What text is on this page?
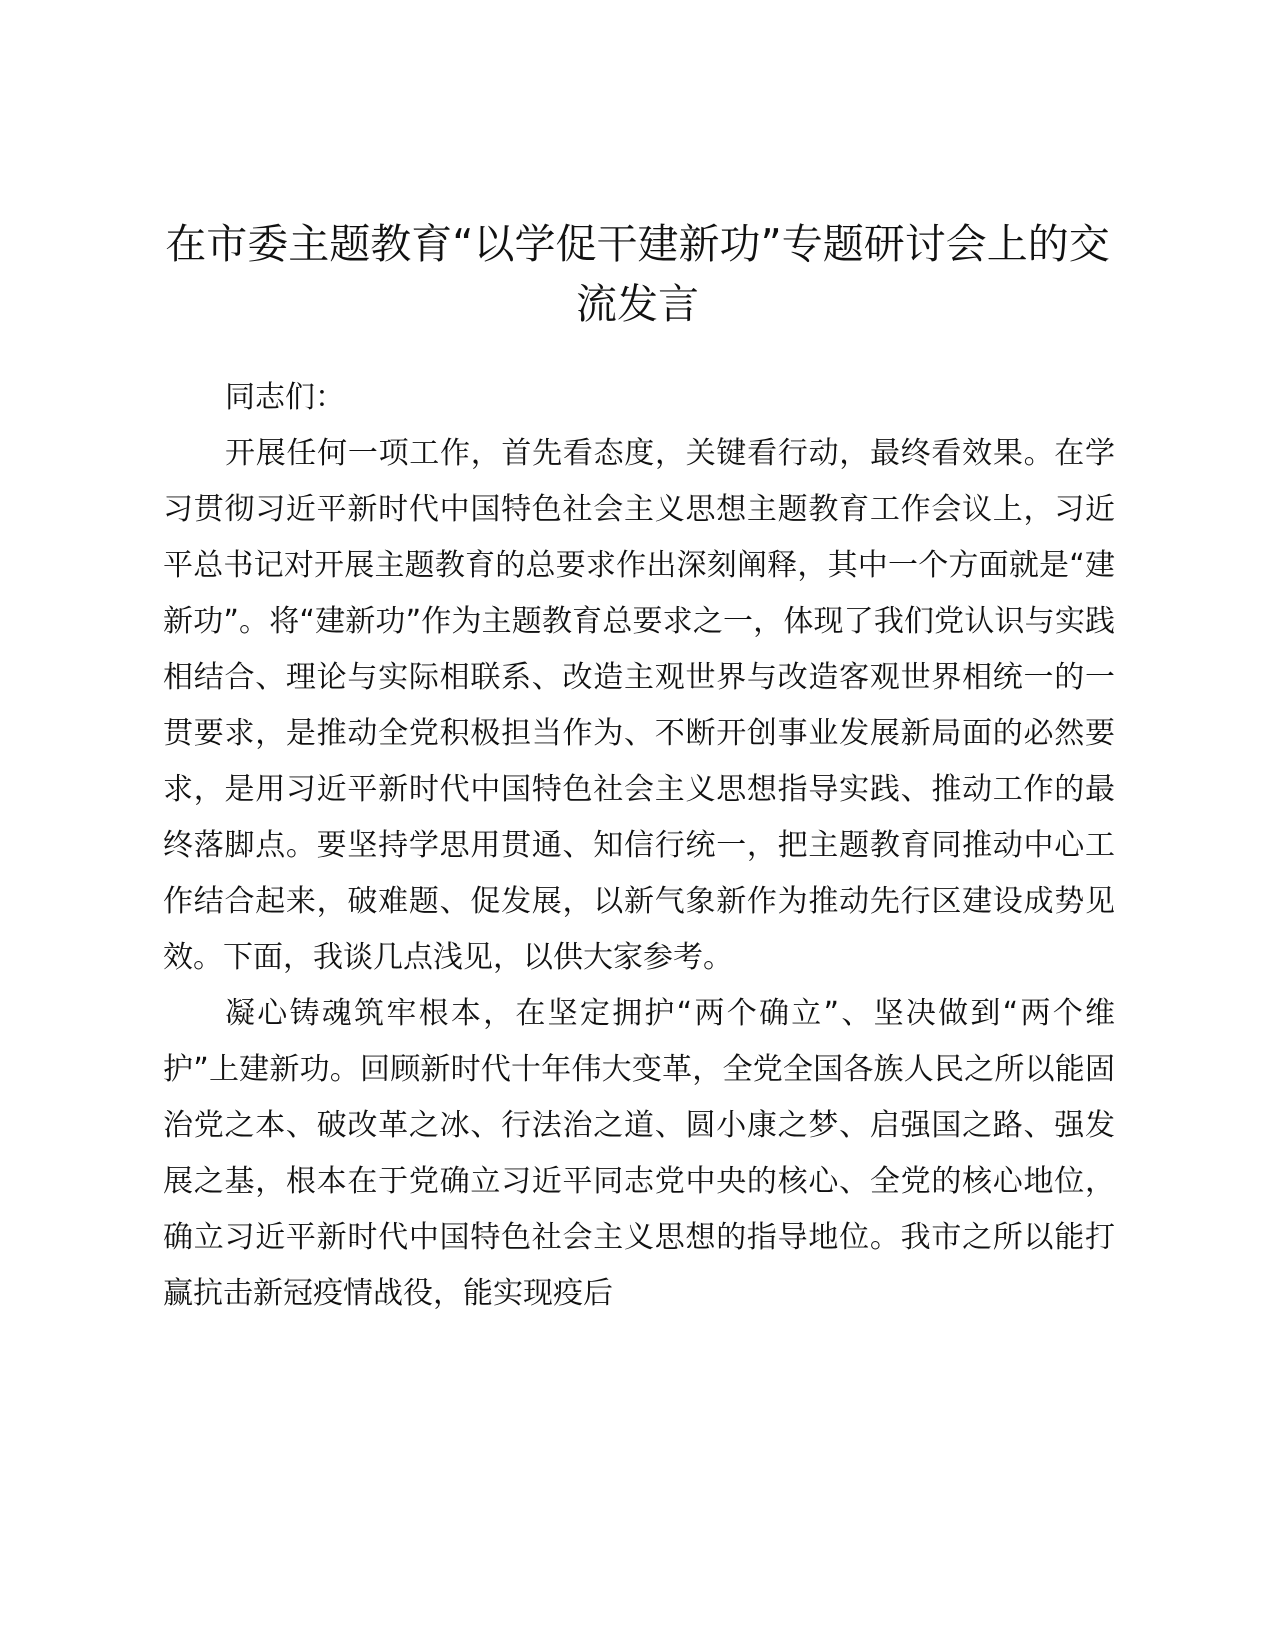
在市委主题教育“以学促干建新功”专题研讨会上的交流发言

同志们：

开展任何一项工作，首先看态度，关键看行动，最终看效果。在学习贯彻习近平新时代中国特色社会主义思想主题教育工作会议上，习近平总书记对开展主题教育的总要求作出深刻阐释，其中一个方面就是“建新功”。将“建新功”作为主题教育总要求之一，体现了我们党认识与实践相结合、理论与实际相联系、改造主观世界与改造客观世界相统一的一贯要求，是推动全党积极担当作为、不断开创事业发展新局面的必然要求，是用习近平新时代中国特色社会主义思想指导实践、推动工作的最终落脚点。要坚持学思用贯通、知信行统一，把主题教育同推动中心工作结合起来，破难题、促发展，以新气象新作为推动先行区建设成势见效。下面，我谈几点浅见，以供大家参考。

凝心铸魂筑牢根本，在坚定拥护“两个确立”、坚决做到“两个维护”上建新功。回顾新时代十年伟大变革，全党全国各族人民之所以能固治党之本、破改革之冰、行法治之道、圆小康之梦、启强国之路、强发展之基，根本在于党确立习近平同志党中央的核心、全党的核心地位，确立习近平新时代中国特色社会主义思想的指导地位。我市之所以能打赢抗击新冠疫情战役，能实现疫后
